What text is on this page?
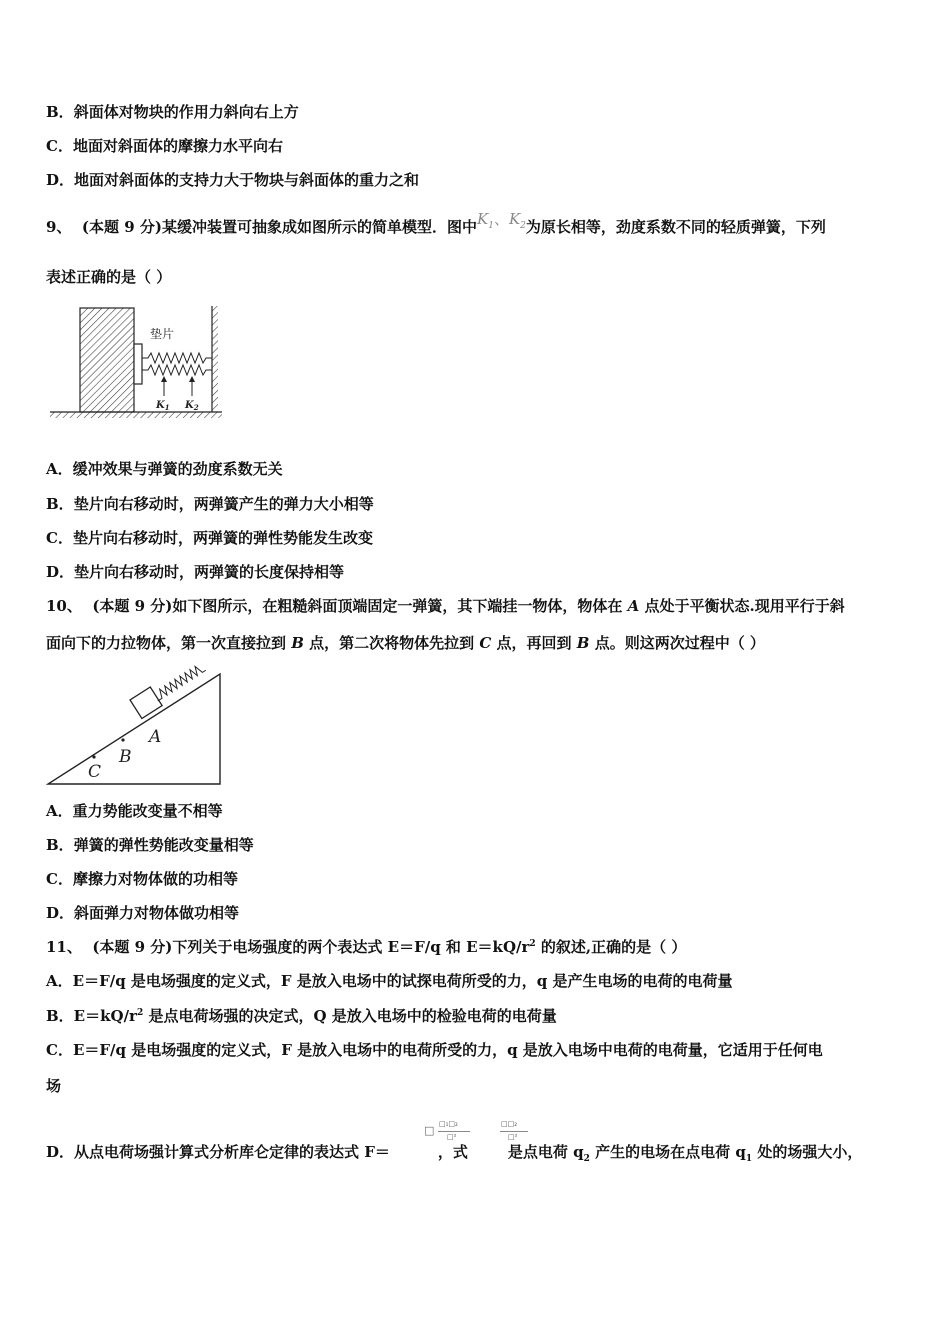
B．斜面体对物块的作用力斜向右上方
C．地面对斜面体的摩擦力水平向右
D．地面对斜面体的支持力大于物块与斜面体的重力之和
9、 (本题 9 分)某缓冲装置可抽象成如图所示的简单模型．图中$K_1$、$K_2$为原长相等，劲度系数不同的轻质弹簧，下列
表述正确的是（ ）
垫片
$K_1$ $K_2$
A．缓冲效果与弹簧的劲度系数无关
B．垫片向右移动时，两弹簧产生的弹力大小相等
C．垫片向右移动时，两弹簧的弹性势能发生改变
D．垫片向右移动时，两弹簧的长度保持相等
10、 (本题 9 分)如下图所示，在粗糙斜面顶端固定一弹簧，其下端挂一物体，物体在 A 点处于平衡状态.现用平行于斜
面向下的力拉物体，第一次直接拉到 B 点，第二次将物体先拉到 C 点，再回到 B 点。则这两次过程中（ ）
A
B
C
A．重力势能改变量不相等
B．弹簧的弹性势能改变量相等
C．摩擦力对物体做的功相等
D．斜面弹力对物体做功相等
11、 (本题 9 分)下列关于电场强度的两个表达式 E＝F/q 和 $E=kQ/r^2$ 的叙述,正确的是（ ）
A．E＝F/q 是电场强度的定义式，F 是放入电场中的试探电荷所受的力，q 是产生电场的电荷的电荷量
B．$E=kQ/r^2$ 是点电荷场强的决定式，Q 是放入电场中的检验电荷的电荷量
C．E＝F/q 是电场强度的定义式，F 是放入电场中的电荷所受的力，q 是放入电场中电荷的电荷量，它适用于任何电
场
D．从点电荷场强计算式分析库仑定律的表达式 F＝	，式	是点电荷 $q_2$ 产生的电场在点电荷 $q_1$ 处的场强大小，
□ □₁□₂
□²
□□₂
□²
